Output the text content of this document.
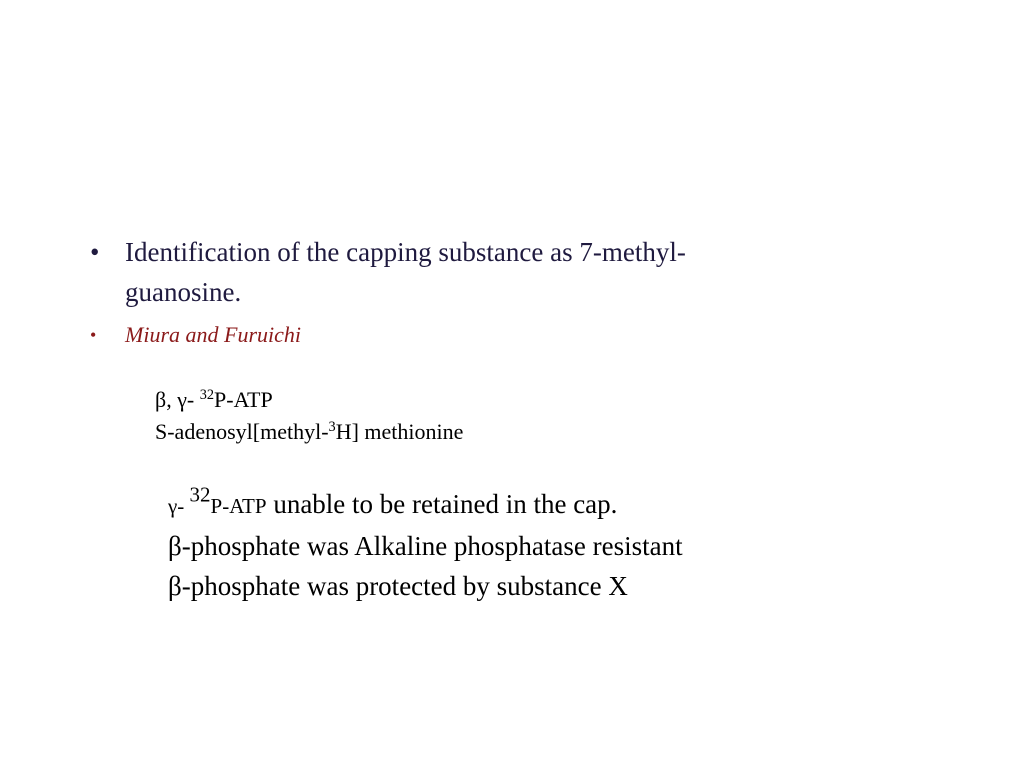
• Identification of the capping substance as 7-methyl-guanosine.
•	Miura and Furuichi
β, γ- $^{32}$P-ATP
S-adenosyl[methyl-$^3$H] methionine
γ- $^{32}$P-ATP unable to be retained in the cap.
β-phosphate was Alkaline phosphatase resistant
β-phosphate was protected by substance X
